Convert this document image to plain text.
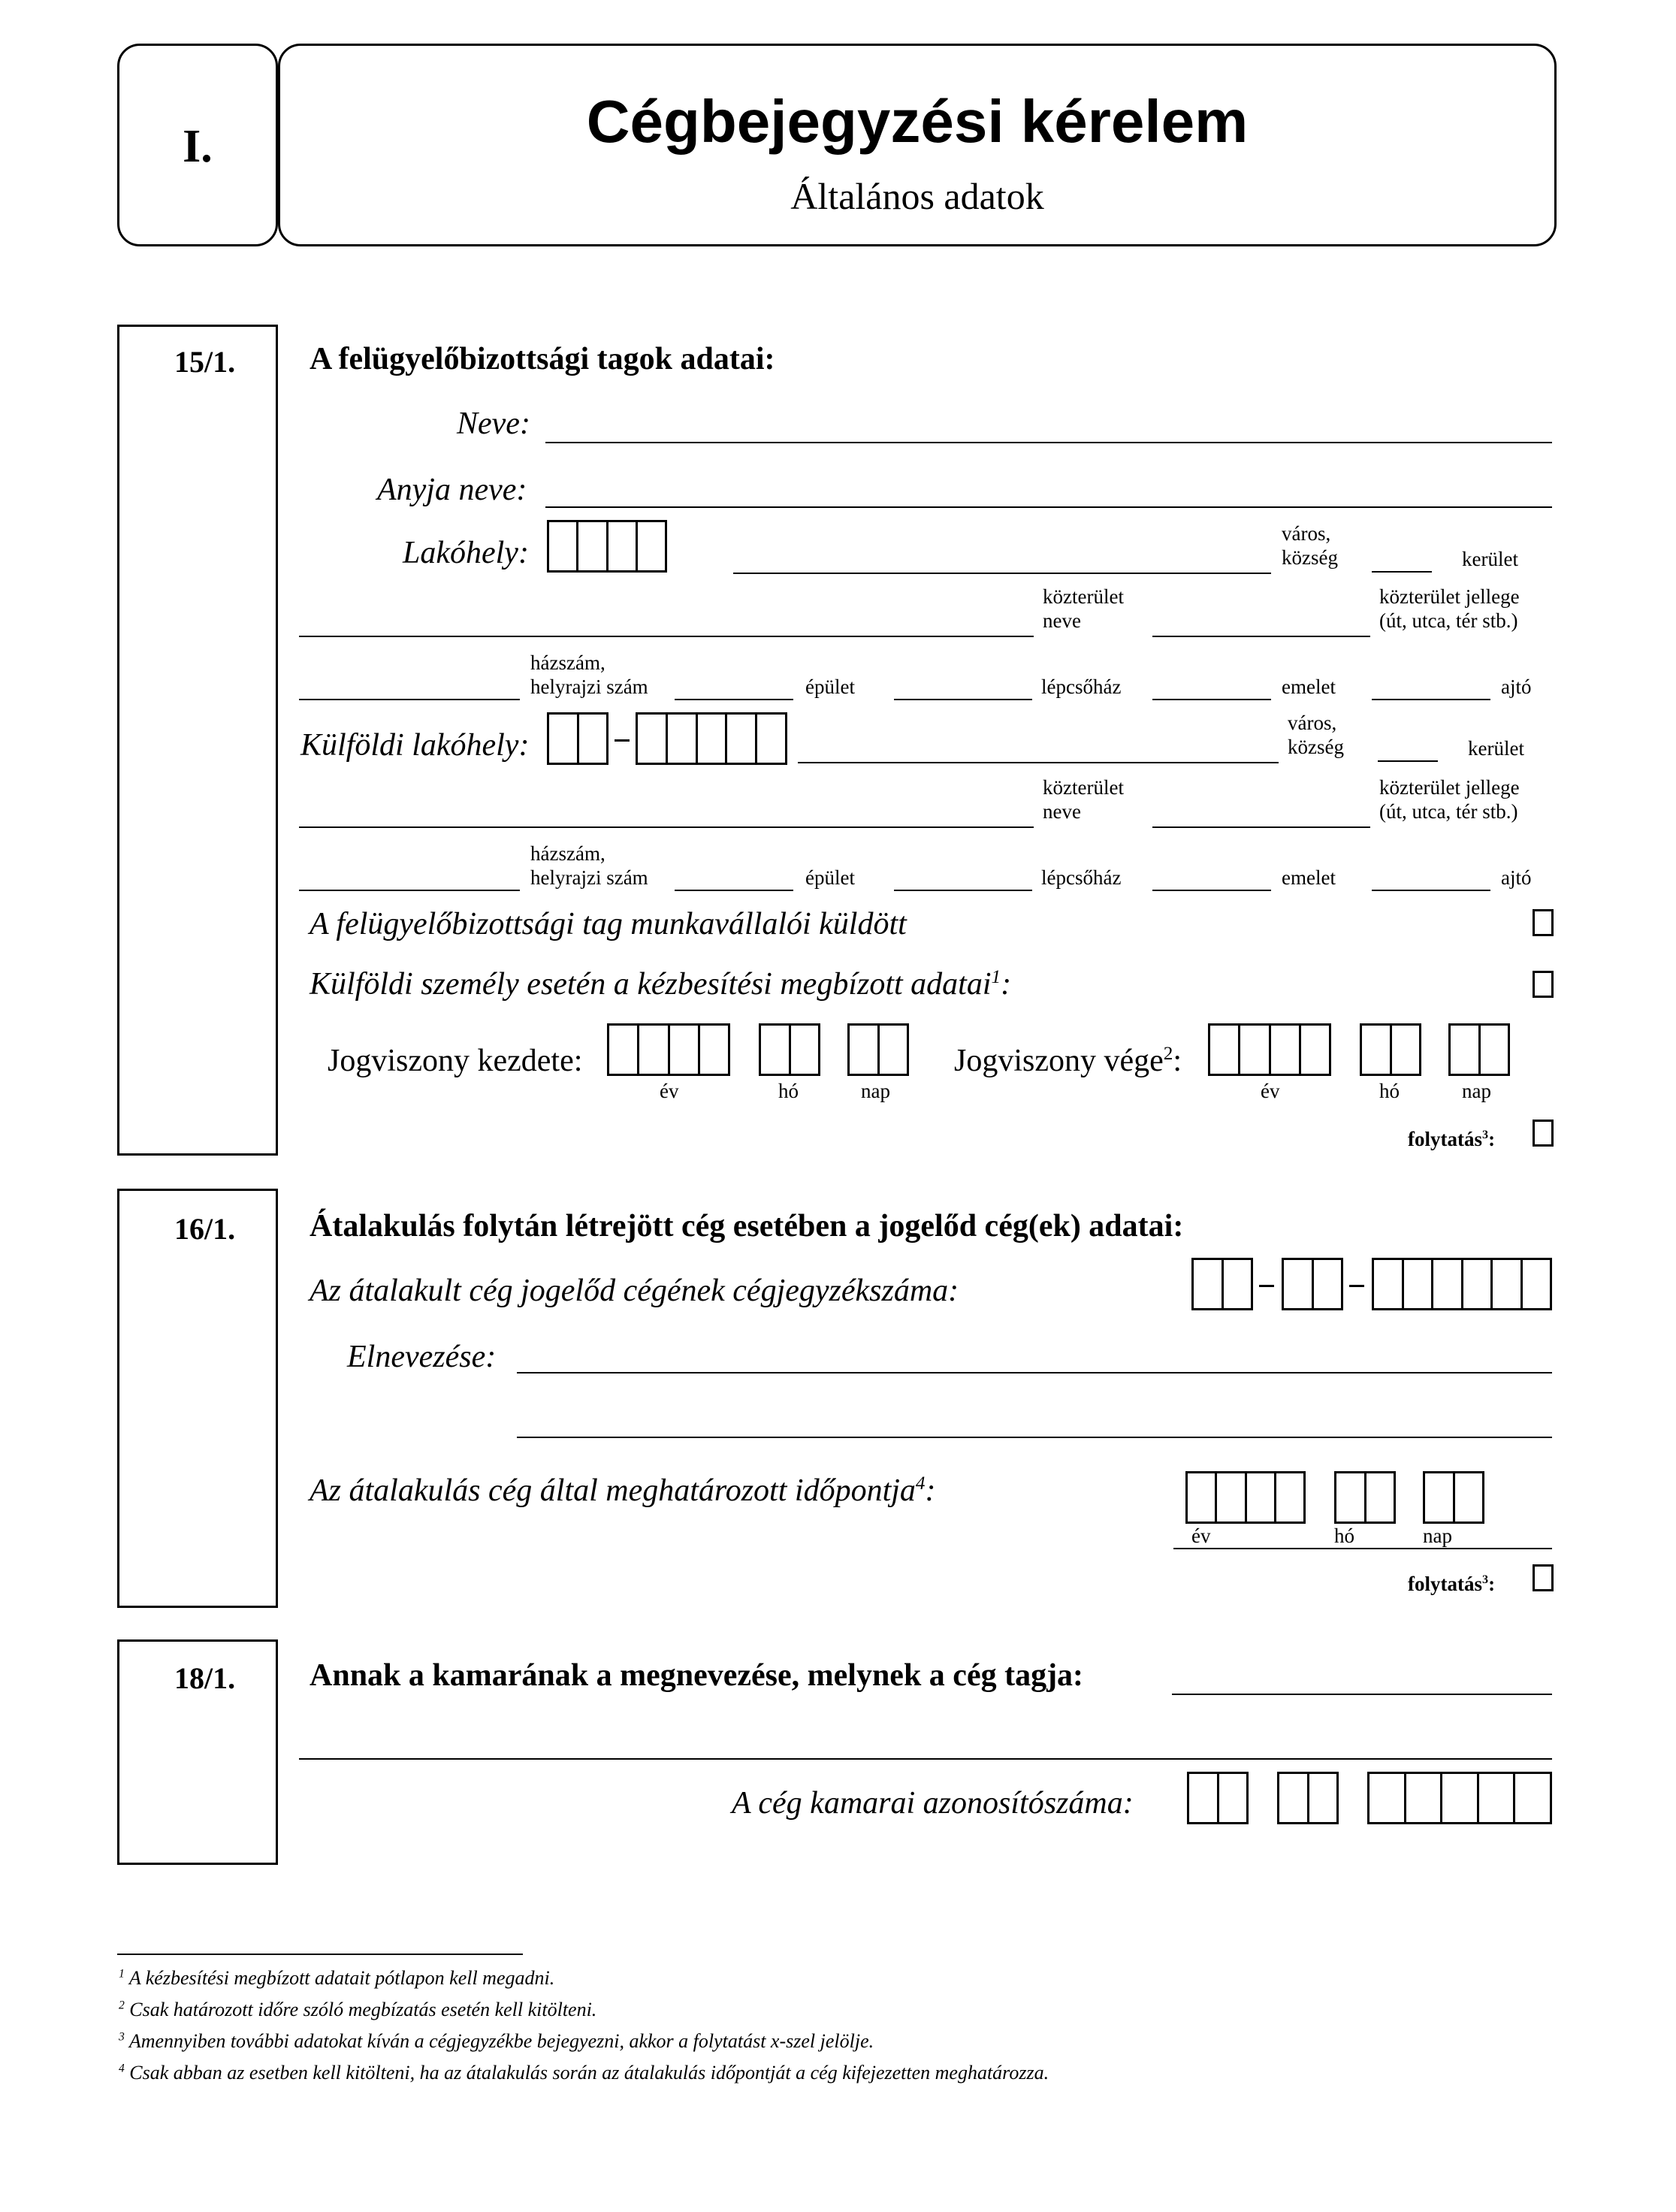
I.	Cégbejegyzési kérelem
Általános adatok
15/1. A felügyelőbizottsági tagok adatai:
Neve:
Anyja neve:
Lakóhely:
város,
község	kerület
közterület
neve
közterület jellege
(út, utca, tér stb.)
házszám,
helyrajzi szám	épület	lépcsőház	emelet	ajtó
Külföldi lakóhely:
város,
község	kerület
közterület
neve
közterület jellege
(út, utca, tér stb.)
házszám,
helyrajzi szám	épület	lépcsőház	emelet	ajtó
A felügyelőbizottsági tag munkavállalói küldött
Külföldi személy esetén a kézbesítési megbízott adatai$^1$:
Jogviszony kezdete:
év	hó	nap
Jogviszony vége$^2$:
év	hó	nap
folytatás$^3$:
16/1. Átalakulás folytán létrejött cég esetében a jogelőd cég(ek) adatai:
Az átalakult cég jogelőd cégének cégjegyzékszáma:
Elnevezése:
Az átalakulás cég által meghatározott időpontja$^4$:
év	hó	nap
folytatás$^3$:
18/1. Annak a kamarának a megnevezése, melynek a cég tagja:
A cég kamarai azonosítószáma:
$^1$ A kézbesítési megbízott adatait pótlapon kell megadni.
$^2$ Csak határozott időre szóló megbízatás esetén kell kitölteni.
$^3$ Amennyiben további adatokat kíván a cégjegyzékbe bejegyezni, akkor a folytatást x-szel jelölje.
$^4$ Csak abban az esetben kell kitölteni, ha az átalakulás során az átalakulás időpontját a cég kifejezetten meghatározza.
